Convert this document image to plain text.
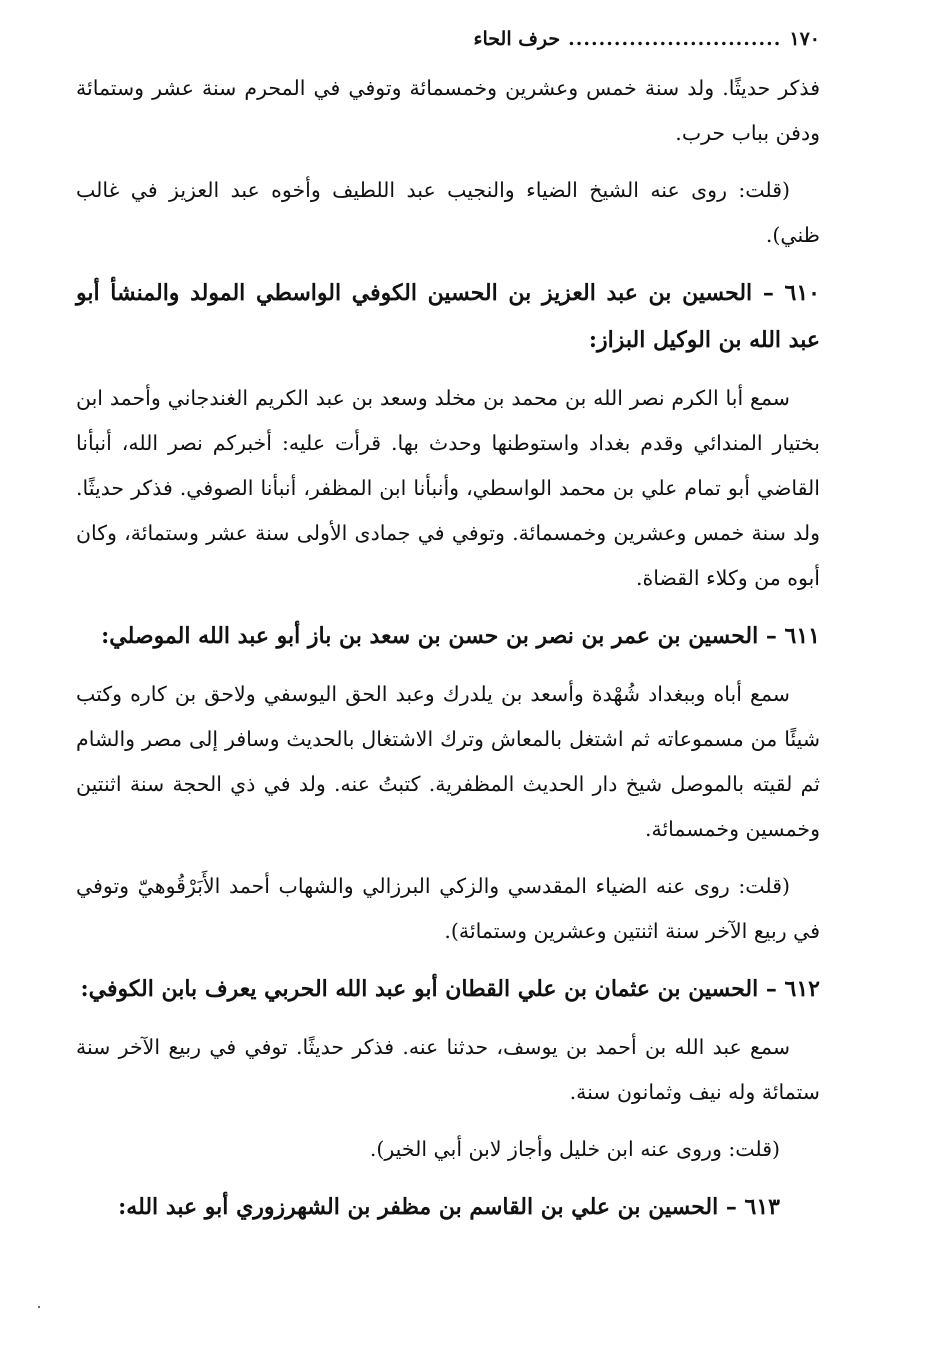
١٧٠
............................
حرف الحاء

فذكر حديثًا. ولد سنة خمس وعشرين وخمسمائة وتوفي في المحرم سنة عشر وستمائة ودفن بباب حرب.

(قلت: روى عنه الشيخ الضياء والنجيب عبد اللطيف وأخوه عبد العزيز في غالب ظني).

٦١٠ – الحسين بن عبد العزيز بن الحسين الكوفي الواسطي المولد والمنشأ أبو عبد الله بن الوكيل البزاز:

سمع أبا الكرم نصر الله بن محمد بن مخلد وسعد بن عبد الكريم الغندجاني وأحمد ابن بختيار المندائي وقدم بغداد واستوطنها وحدث بها. قرأت عليه: أخبركم نصر الله، أنبأنا القاضي أبو تمام علي بن محمد الواسطي، وأنبأنا ابن المظفر، أنبأنا الصوفي. فذكر حديثًا. ولد سنة خمس وعشرين وخمسمائة. وتوفي في جمادى الأولى سنة عشر وستمائة، وكان أبوه من وكلاء القضاة.

٦١١ – الحسين بن عمر بن نصر بن حسن بن سعد بن باز أبو عبد الله الموصلي:

سمع أباه وببغداد شُهْدة وأسعد بن يلدرك وعبد الحق اليوسفي ولاحق بن كاره وكتب شيئًا من مسموعاته ثم اشتغل بالمعاش وترك الاشتغال بالحديث وسافر إلى مصر والشام ثم لقيته بالموصل شيخ دار الحديث المظفرية. كتبتُ عنه. ولد في ذي الحجة سنة اثنتين وخمسين وخمسمائة.

(قلت: روى عنه الضياء المقدسي والزكي البرزالي والشهاب أحمد الأَبَرْقُوهيّ وتوفي في ربيع الآخر سنة اثنتين وعشرين وستمائة).

٦١٢ – الحسين بن عثمان بن علي القطان أبو عبد الله الحربي يعرف بابن الكوفي:

سمع عبد الله بن أحمد بن يوسف، حدثنا عنه. فذكر حديثًا. توفي في ربيع الآخر سنة ستمائة وله نيف وثمانون سنة.

(قلت: وروى عنه ابن خليل وأجاز لابن أبي الخير).

٦١٣ – الحسين بن علي بن القاسم بن مظفر بن الشهرزوري أبو عبد الله:
